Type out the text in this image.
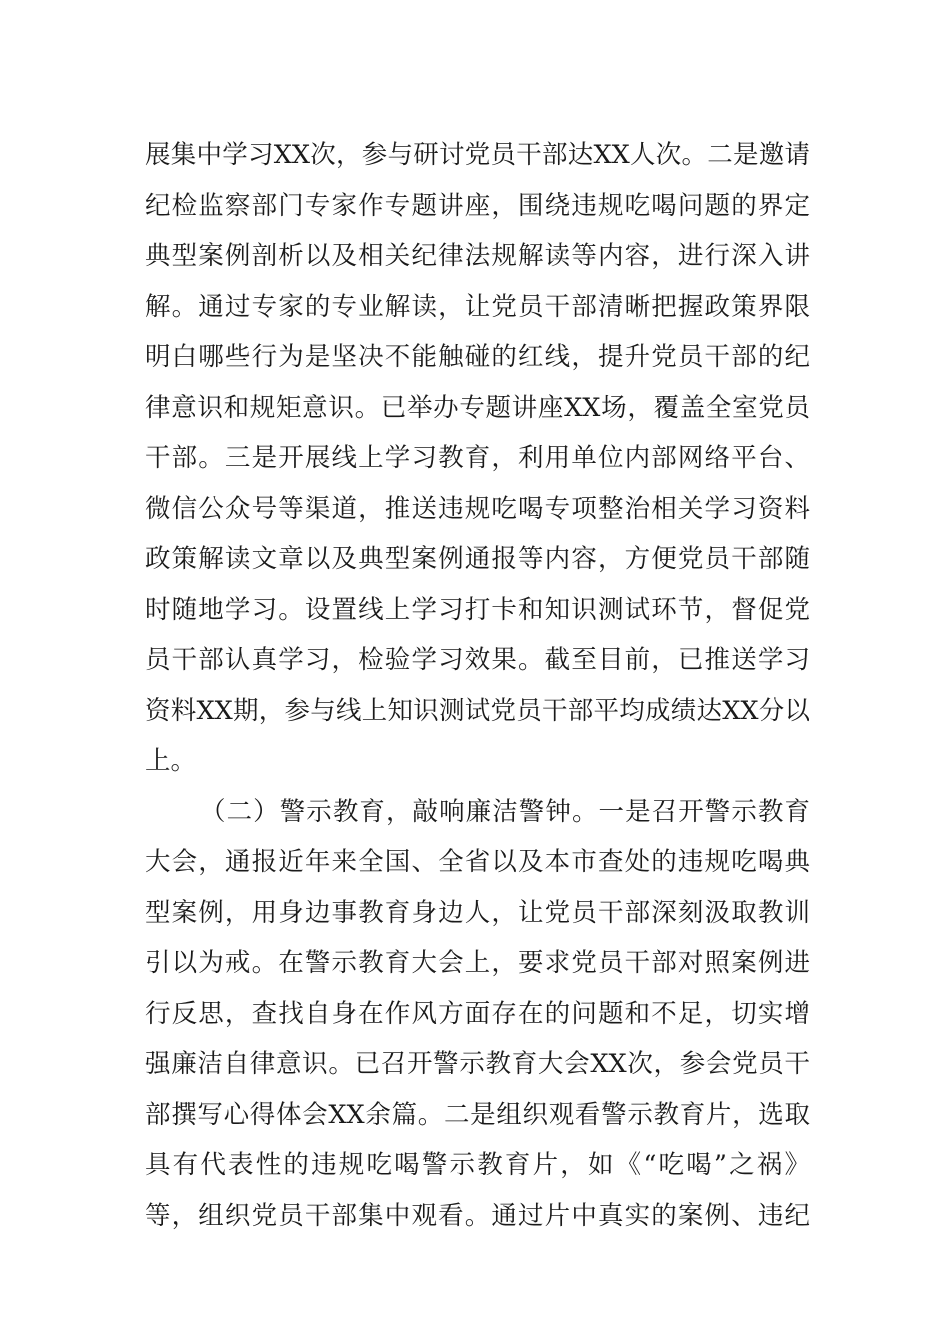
展集中学习XX次，参与研讨党员干部达XX人次。二是邀请
纪检监察部门专家作专题讲座，围绕违规吃喝问题的界定
典型案例剖析以及相关纪律法规解读等内容，进行深入讲
解。通过专家的专业解读，让党员干部清晰把握政策界限
明白哪些行为是坚决不能触碰的红线，提升党员干部的纪
律意识和规矩意识。已举办专题讲座XX场，覆盖全室党员
干部。三是开展线上学习教育，利用单位内部网络平台、
微信公众号等渠道，推送违规吃喝专项整治相关学习资料
政策解读文章以及典型案例通报等内容，方便党员干部随
时随地学习。设置线上学习打卡和知识测试环节，督促党
员干部认真学习，检验学习效果。截至目前，已推送学习
资料XX期，参与线上知识测试党员干部平均成绩达XX分以
上。
（二）警示教育，敲响廉洁警钟。一是召开警示教育
大会，通报近年来全国、全省以及本市查处的违规吃喝典
型案例，用身边事教育身边人，让党员干部深刻汲取教训
引以为戒。在警示教育大会上，要求党员干部对照案例进
行反思，查找自身在作风方面存在的问题和不足，切实增
强廉洁自律意识。已召开警示教育大会XX次，参会党员干
部撰写心得体会XX余篇。二是组织观看警示教育片，选取
具有代表性的违规吃喝警示教育片，如《“吃喝”之祸》
等，组织党员干部集中观看。通过片中真实的案例、违纪
